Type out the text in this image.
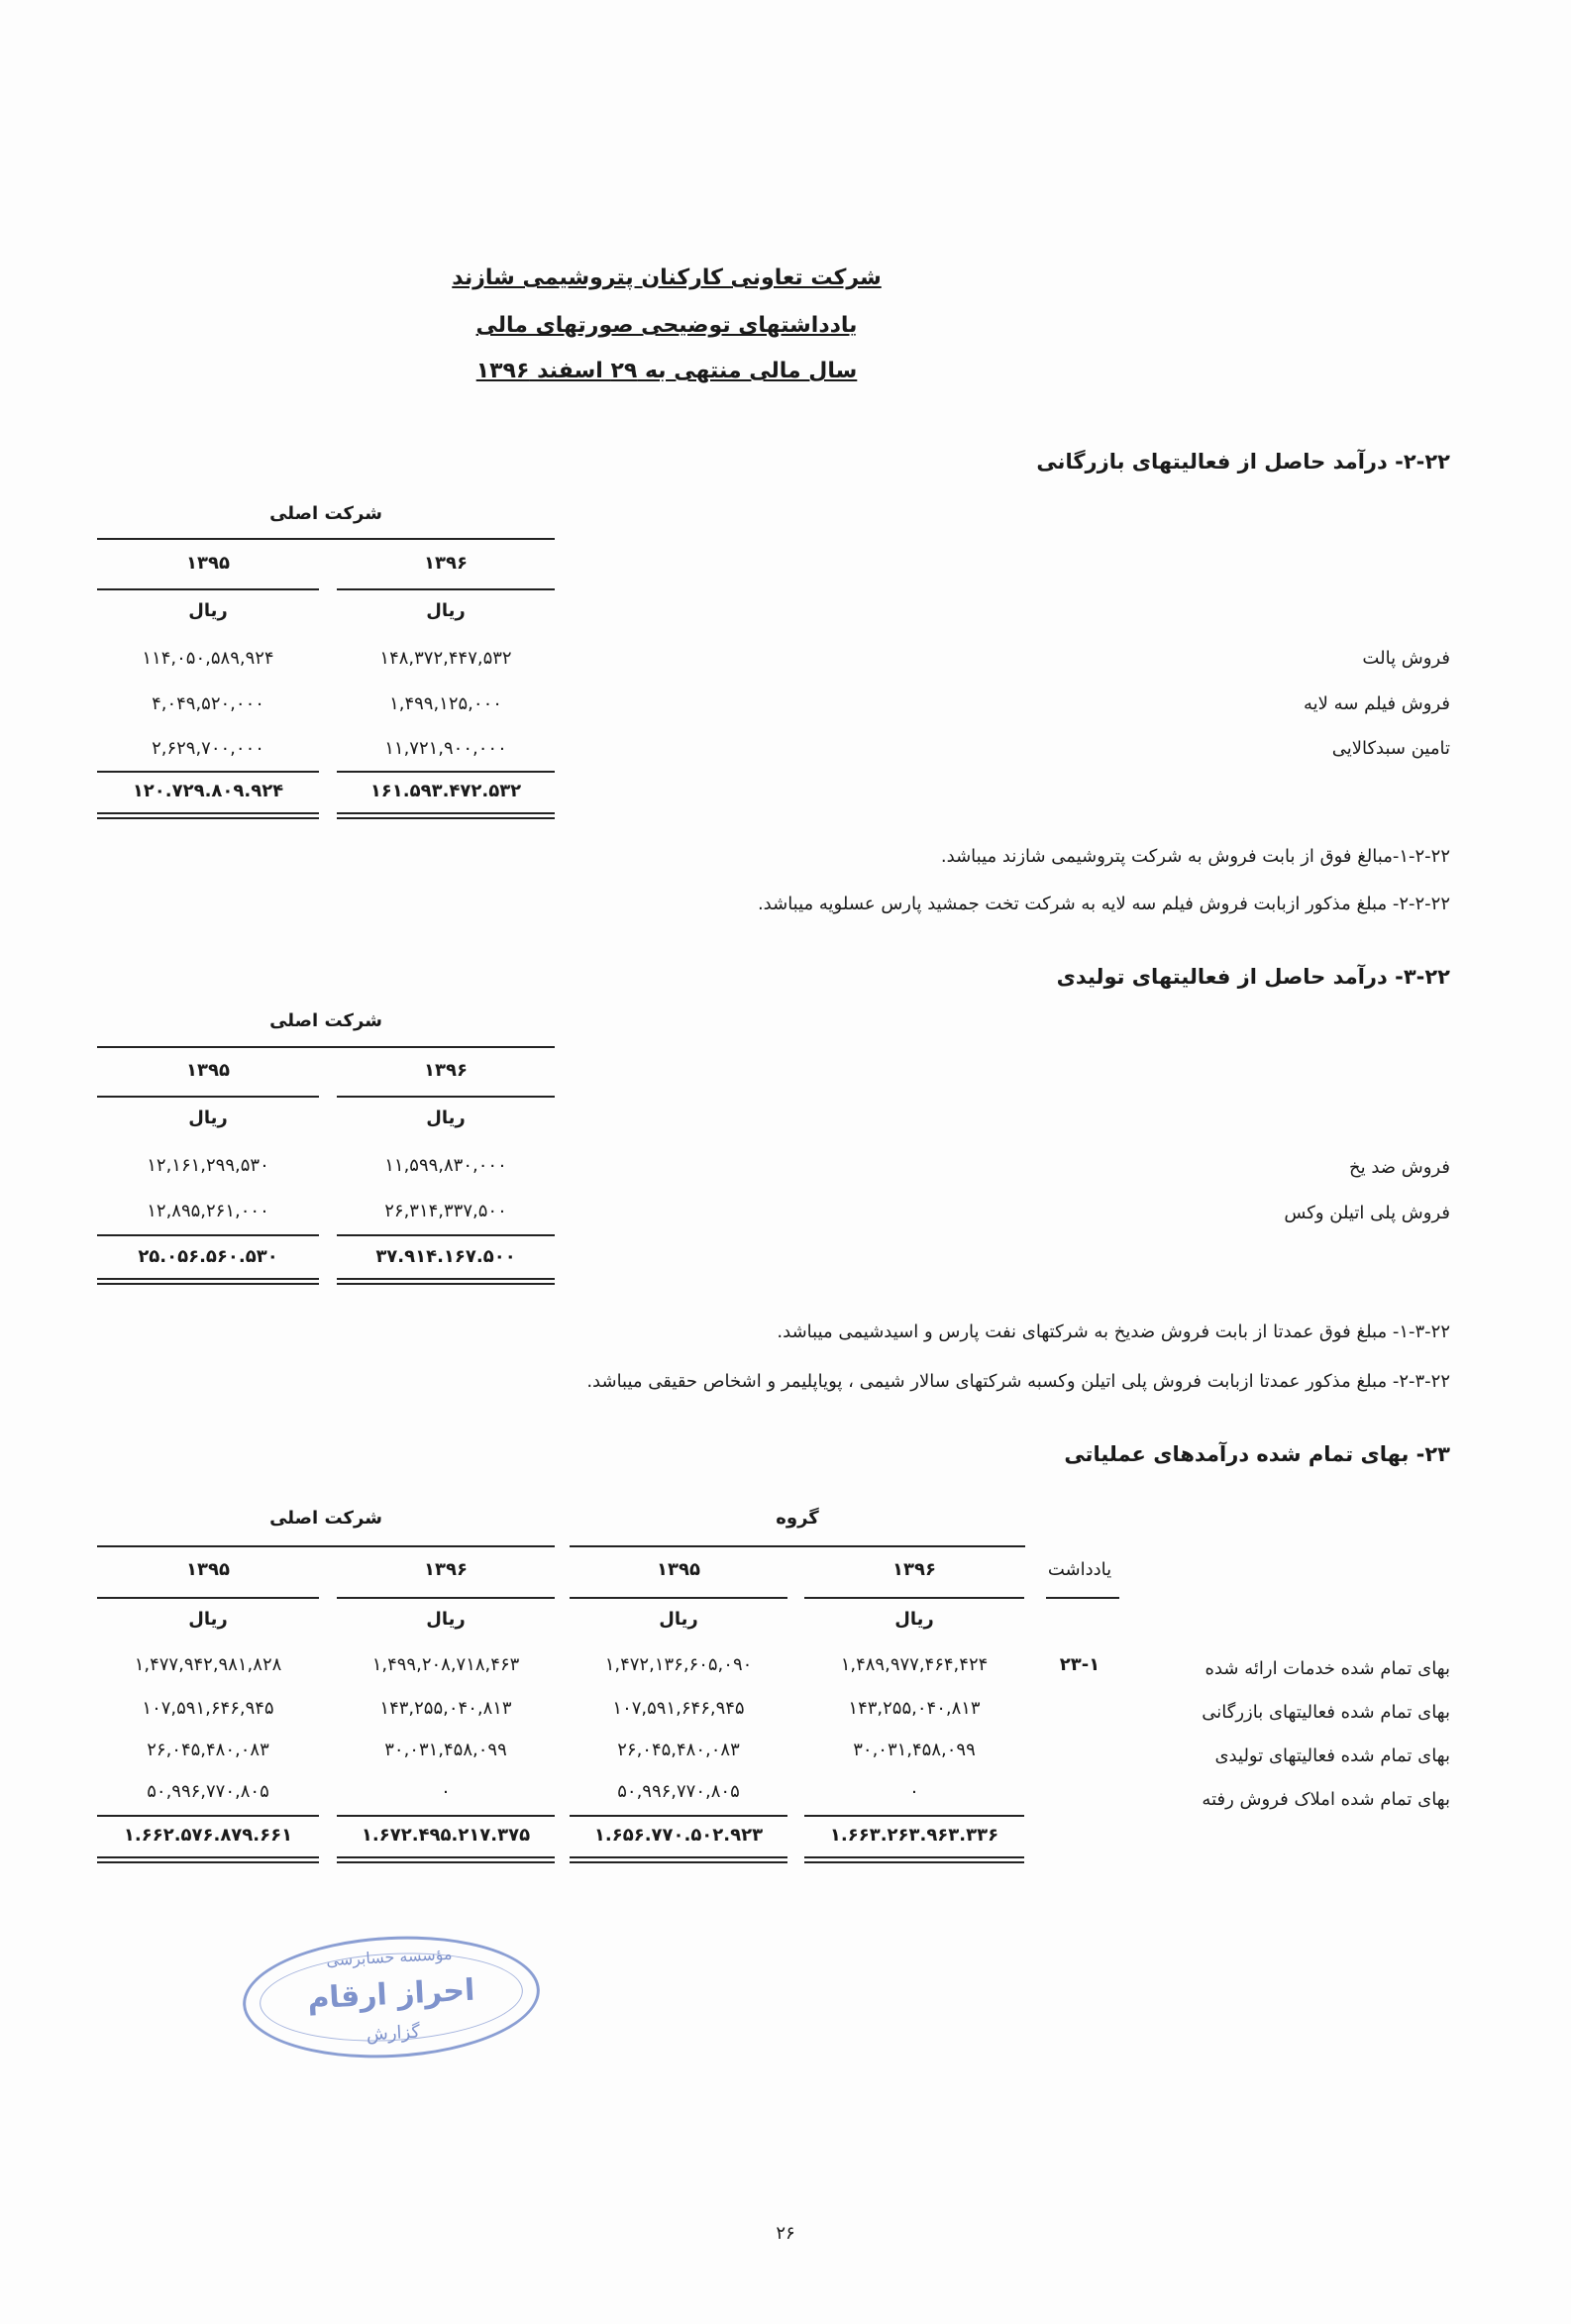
شرکت تعاونی کارکنان پتروشیمی شازند
یادداشتهای توضیحی صورتهای مالی
سال مالی منتهی به ۲۹ اسفند ۱۳۹۶
۲-۲۲- درآمد حاصل از فعالیتهای بازرگانی
شرکت اصلی
۱۳۹۶
۱۳۹۵
ریال
ریال
فروش پالت
۱۴۸,۳۷۲,۴۴۷,۵۳۲
۱۱۴,۰۵۰,۵۸۹,۹۲۴
فروش فیلم سه لایه
۱,۴۹۹,۱۲۵,۰۰۰
۴,۰۴۹,۵۲۰,۰۰۰
تامین سبدکالایی
۱۱,۷۲۱,۹۰۰,۰۰۰
۲,۶۲۹,۷۰۰,۰۰۰
۱۶۱.۵۹۳.۴۷۲.۵۳۲
۱۲۰.۷۲۹.۸۰۹.۹۲۴
۱-۲-۲۲-مبالغ فوق از بابت فروش به شرکت پتروشیمی شازند میباشد.
۲-۲-۲۲- مبلغ مذکور ازبابت فروش فیلم سه لایه به شرکت تخت جمشید پارس عسلویه میباشد.
۳-۲۲- درآمد حاصل از فعالیتهای تولیدی
شرکت اصلی
۱۳۹۶
۱۳۹۵
ریال
ریال
فروش ضد یخ
۱۱,۵۹۹,۸۳۰,۰۰۰
۱۲,۱۶۱,۲۹۹,۵۳۰
فروش پلی اتیلن وکس
۲۶,۳۱۴,۳۳۷,۵۰۰
۱۲,۸۹۵,۲۶۱,۰۰۰
۳۷.۹۱۴.۱۶۷.۵۰۰
۲۵.۰۵۶.۵۶۰.۵۳۰
۱-۳-۲۲- مبلغ فوق عمدتا از بابت فروش ضدیخ به شرکتهای نفت پارس و اسیدشیمی میباشد.
۲-۳-۲۲- مبلغ مذکور عمدتا ازبابت فروش پلی اتیلن وکسبه شرکتهای سالار شیمی ، پویاپلیمر و اشخاص حقیقی میباشد.
۲۳- بهای تمام شده درآمدهای عملیاتی
گروه
شرکت اصلی
یادداشت
۱۳۹۶
۱۳۹۵
۱۳۹۶
۱۳۹۵
ریال
ریال
ریال
ریال
بهای تمام شده خدمات ارائه شده
۲۳-۱
۱,۴۸۹,۹۷۷,۴۶۴,۴۲۴
۱,۴۷۲,۱۳۶,۶۰۵,۰۹۰
۱,۴۹۹,۲۰۸,۷۱۸,۴۶۳
۱,۴۷۷,۹۴۲,۹۸۱,۸۲۸
بهای تمام شده فعالیتهای بازرگانی
۱۴۳,۲۵۵,۰۴۰,۸۱۳
۱۰۷,۵۹۱,۶۴۶,۹۴۵
۱۴۳,۲۵۵,۰۴۰,۸۱۳
۱۰۷,۵۹۱,۶۴۶,۹۴۵
بهای تمام شده فعالیتهای تولیدی
۳۰,۰۳۱,۴۵۸,۰۹۹
۲۶,۰۴۵,۴۸۰,۰۸۳
۳۰,۰۳۱,۴۵۸,۰۹۹
۲۶,۰۴۵,۴۸۰,۰۸۳
بهای تمام شده املاک فروش رفته
۰
۵۰,۹۹۶,۷۷۰,۸۰۵
۰
۵۰,۹۹۶,۷۷۰,۸۰۵
۱.۶۶۳.۲۶۳.۹۶۳.۳۳۶
۱.۶۵۶.۷۷۰.۵۰۲.۹۲۳
۱.۶۷۲.۴۹۵.۲۱۷.۳۷۵
۱.۶۶۲.۵۷۶.۸۷۹.۶۶۱
مؤسسه حسابرسی
احراز ارقام
گزارش
۲۶
